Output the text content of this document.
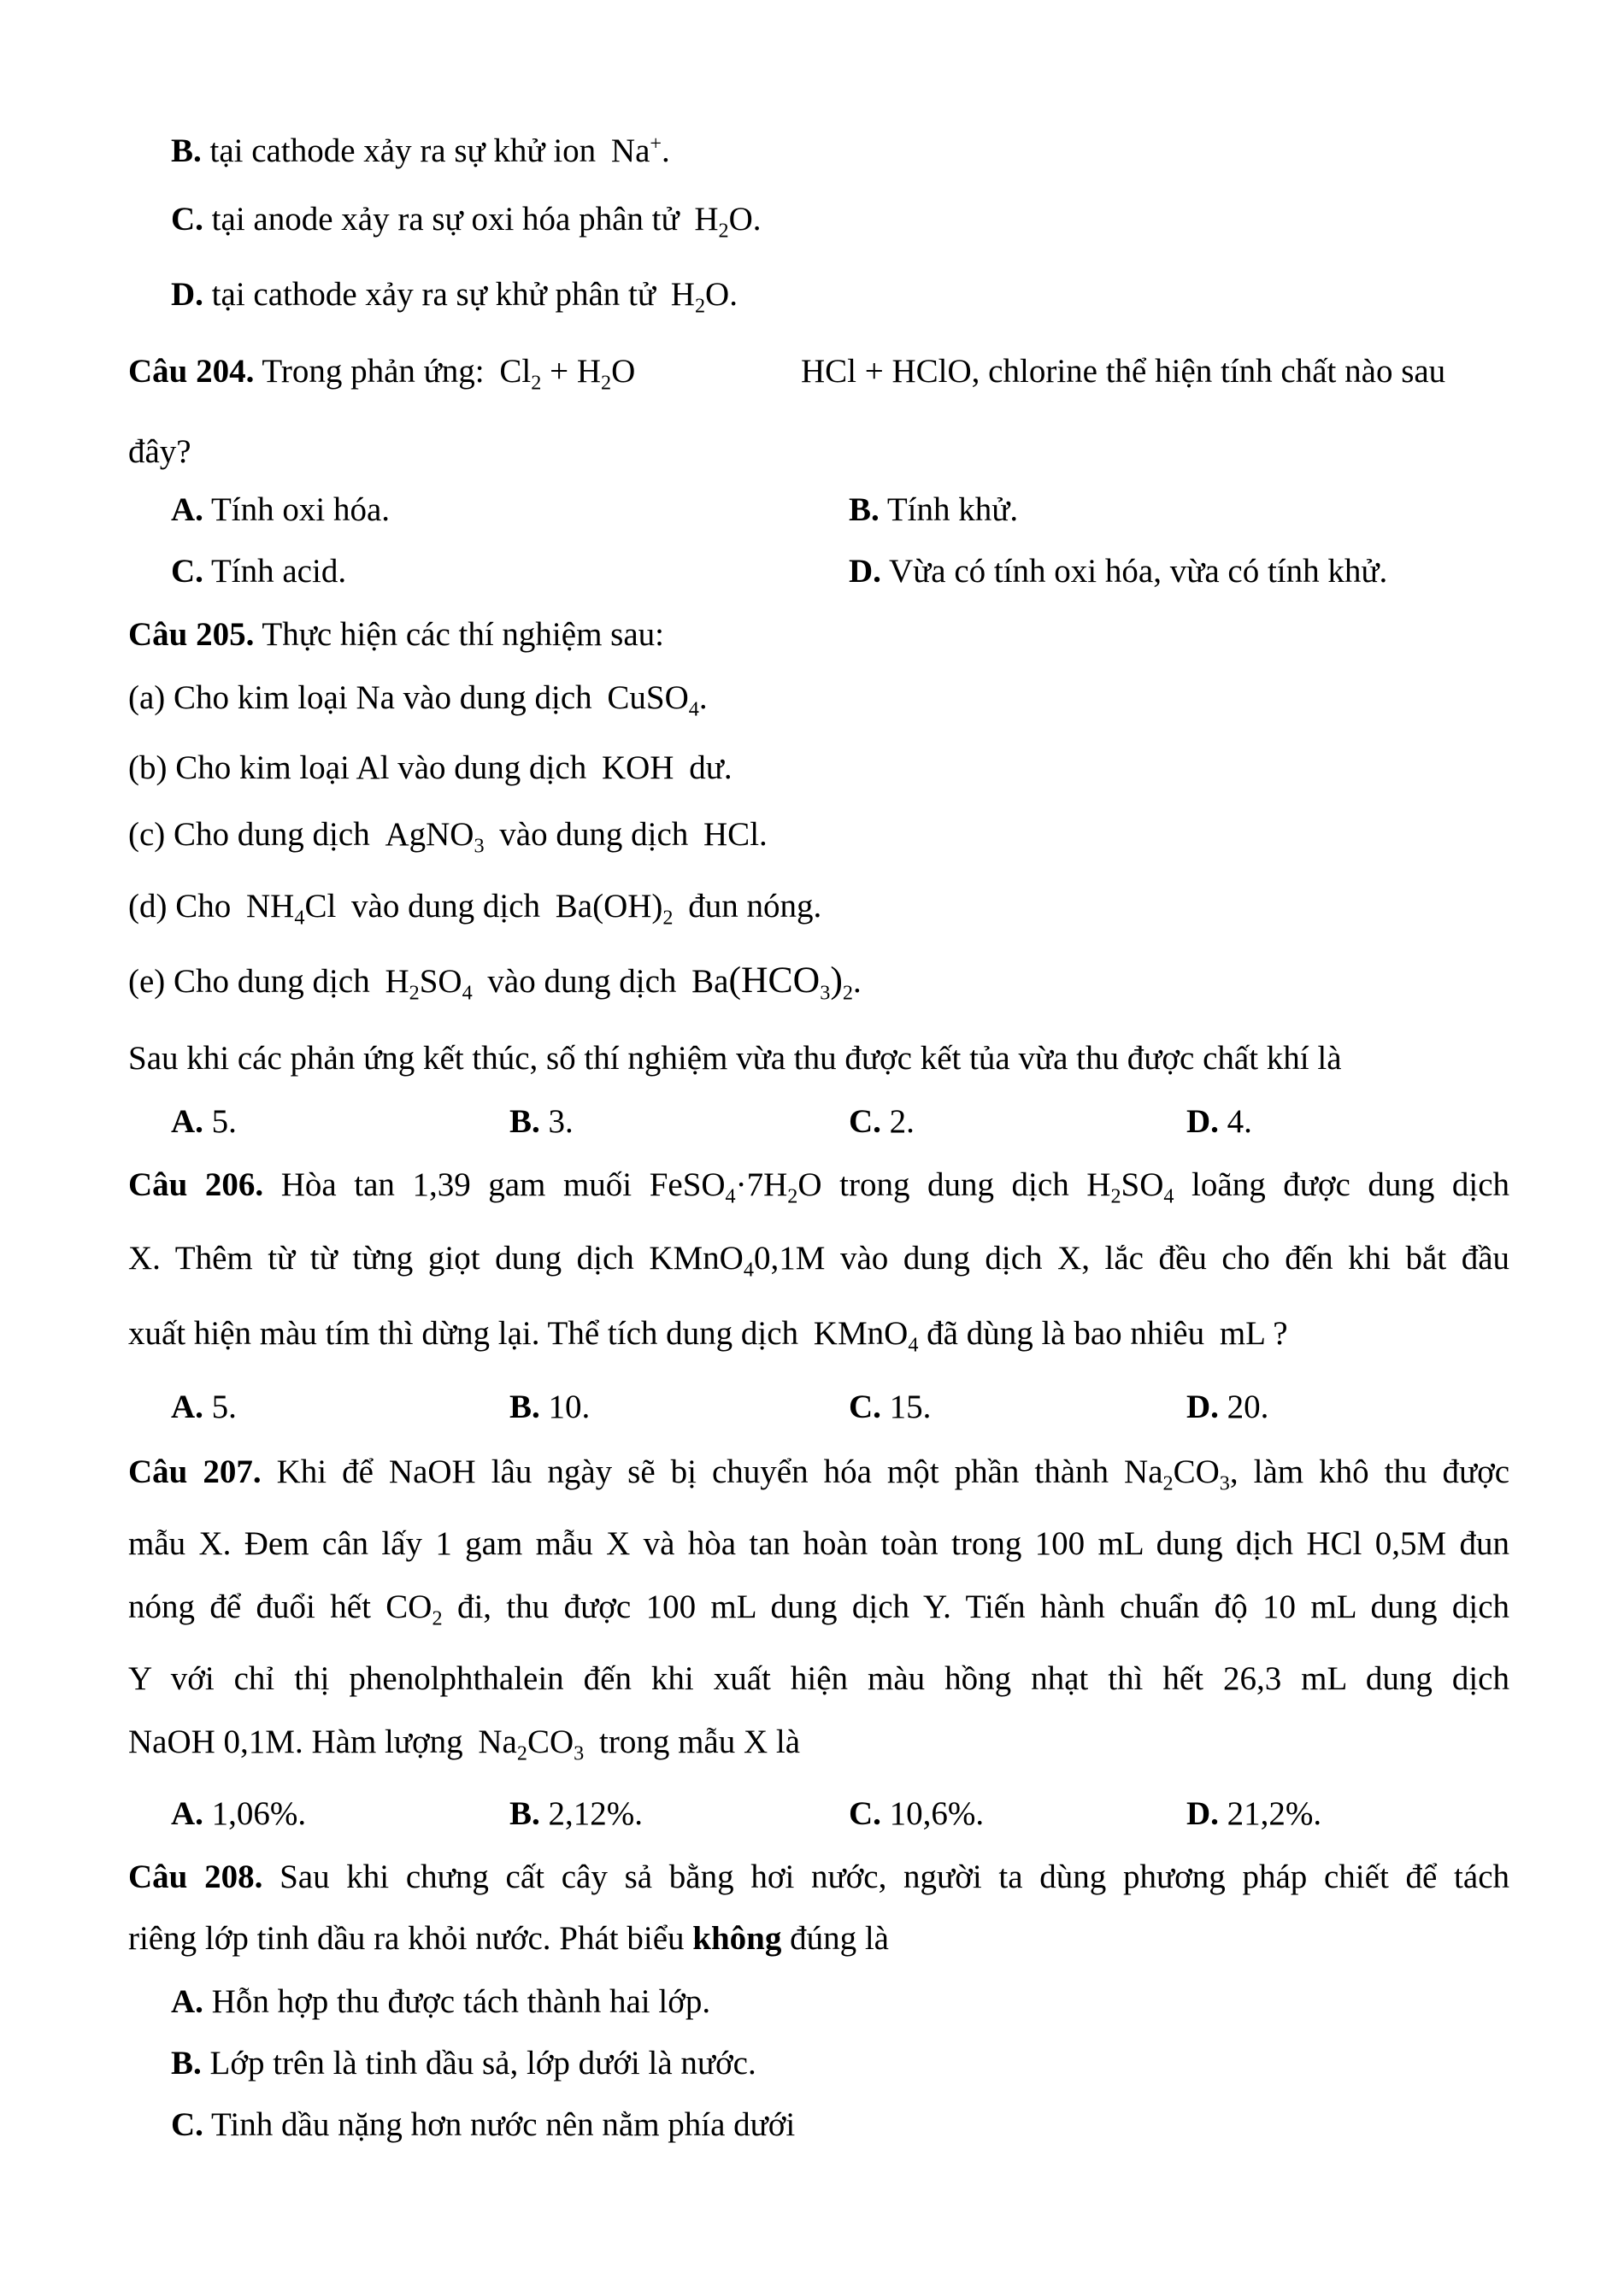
B. tại cathode xảy ra sự khử ion Na+.
C. tại anode xảy ra sự oxi hóa phân tử $H_2O$.
D. tại cathode xảy ra sự khử phân tử $H_2O$.
Câu 204. Trong phản ứng: $Cl_2 + H_2O$	HCl + HClO, chlorine thể hiện tính chất nào sau
đây?
A. Tính oxi hóa.	B. Tính khử.
C. Tính acid.	D. Vừa có tính oxi hóa, vừa có tính khử.
Câu 205. Thực hiện các thí nghiệm sau:
(a) Cho kim loại Na vào dung dịch CuSO$_4$.
(b) Cho kim loại Al vào dung dịch KOH dư.
(c) Cho dung dịch AgNO$_3$ vào dung dịch HCl.
(d) Cho $NH_4Cl$ vào dung dịch $Ba(OH)_2$ đun nóng.
(e) Cho dung dịch $H_2SO_4$ vào dung dịch $Ba(HCO_3)_2$.
Sau khi các phản ứng kết thúc, số thí nghiệm vừa thu được kết tủa vừa thu được chất khí là
A. 5.	B. 3.	C. 2.	D. 4.
Câu 206. Hòa tan 1,39 gam muối $FeSO_4\cdot 7H_2O$ trong dung dịch $H_2SO_4$ loãng được dung dịch
X. Thêm từ từ từng giọt dung dịch KMnO$_4$0,1M vào dung dịch X, lắc đều cho đến khi bắt đầu
xuất hiện màu tím thì dừng lại. Thể tích dung dịch KMnO$_4$ đã dùng là bao nhiêu mL ?
A. 5.	B. 10.	C. 15.	D. 20.
Câu 207. Khi để NaOH lâu ngày sẽ bị chuyển hóa một phần thành $Na_2CO_3$, làm khô thu được
mẫu X. Đem cân lấy 1 gam mẫu X và hòa tan hoàn toàn trong 100 mL dung dịch HCl 0,5M đun
nóng để đuổi hết $CO_2$ đi, thu được 100 mL dung dịch Y. Tiến hành chuẩn độ 10 mL dung dịch
Y với chỉ thị phenolphthalein đến khi xuất hiện màu hồng nhạt thì hết 26,3 mL dung dịch
NaOH 0,1M. Hàm lượng $Na_2CO_3$ trong mẫu X là
A. 1,06%.	B. 2,12%.	C. 10,6%.	D. 21,2%.
Câu 208. Sau khi chưng cất cây sả bằng hơi nước, người ta dùng phương pháp chiết để tách
riêng lớp tinh dầu ra khỏi nước. Phát biểu không đúng là
A. Hỗn hợp thu được tách thành hai lớp.
B. Lớp trên là tinh dầu sả, lớp dưới là nước.
C. Tinh dầu nặng hơn nước nên nằm phía dưới
